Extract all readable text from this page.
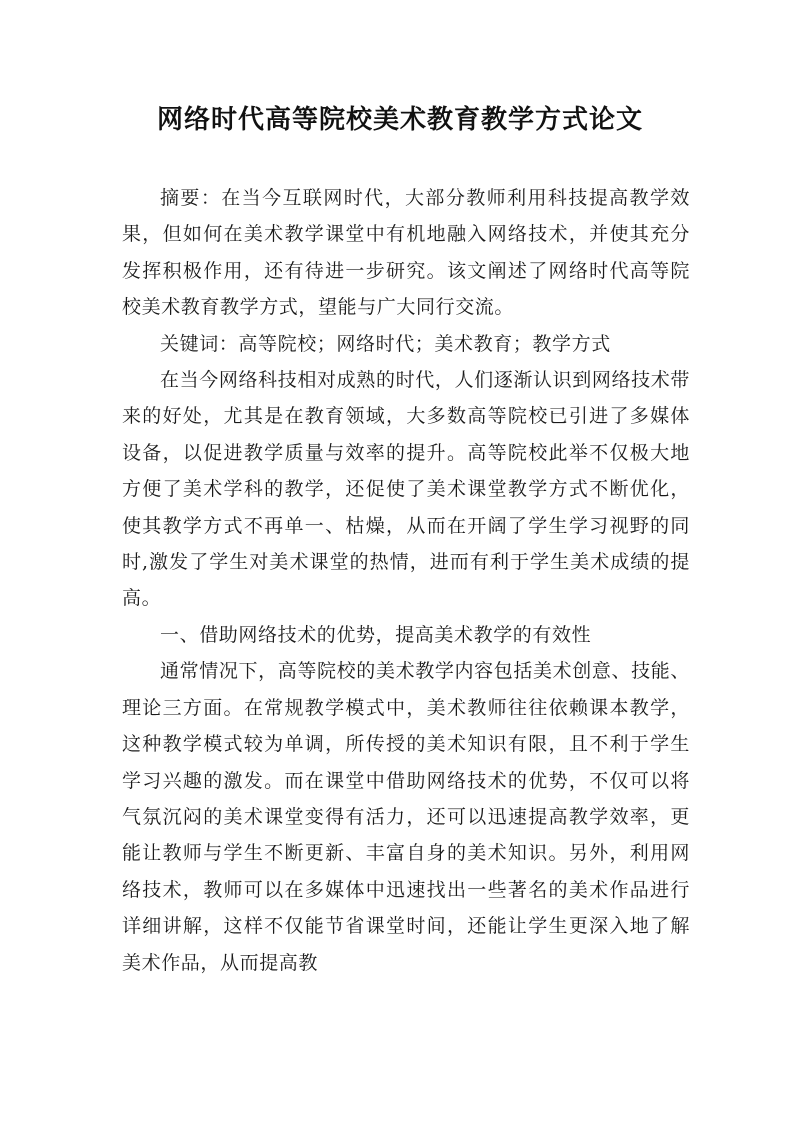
网络时代高等院校美术教育教学方式论文

摘要：在当今互联网时代，大部分教师利用科技提高教学效果，但如何在美术教学课堂中有机地融入网络技术，并使其充分发挥积极作用，还有待进一步研究。该文阐述了网络时代高等院校美术教育教学方式，望能与广大同行交流。

关键词：高等院校；网络时代；美术教育；教学方式

在当今网络科技相对成熟的时代，人们逐渐认识到网络技术带来的好处，尤其是在教育领域，大多数高等院校已引进了多媒体设备，以促进教学质量与效率的提升。高等院校此举不仅极大地方便了美术学科的教学，还促使了美术课堂教学方式不断优化，使其教学方式不再单一、枯燥，从而在开阔了学生学习视野的同时,激发了学生对美术课堂的热情，进而有利于学生美术成绩的提高。

一、借助网络技术的优势，提高美术教学的有效性

通常情况下，高等院校的美术教学内容包括美术创意、技能、理论三方面。在常规教学模式中，美术教师往往依赖课本教学，这种教学模式较为单调，所传授的美术知识有限，且不利于学生学习兴趣的激发。而在课堂中借助网络技术的优势，不仅可以将气氛沉闷的美术课堂变得有活力，还可以迅速提高教学效率，更能让教师与学生不断更新、丰富自身的美术知识。另外，利用网络技术，教师可以在多媒体中迅速找出一些著名的美术作品进行详细讲解，这样不仅能节省课堂时间，还能让学生更深入地了解美术作品，从而提高教
